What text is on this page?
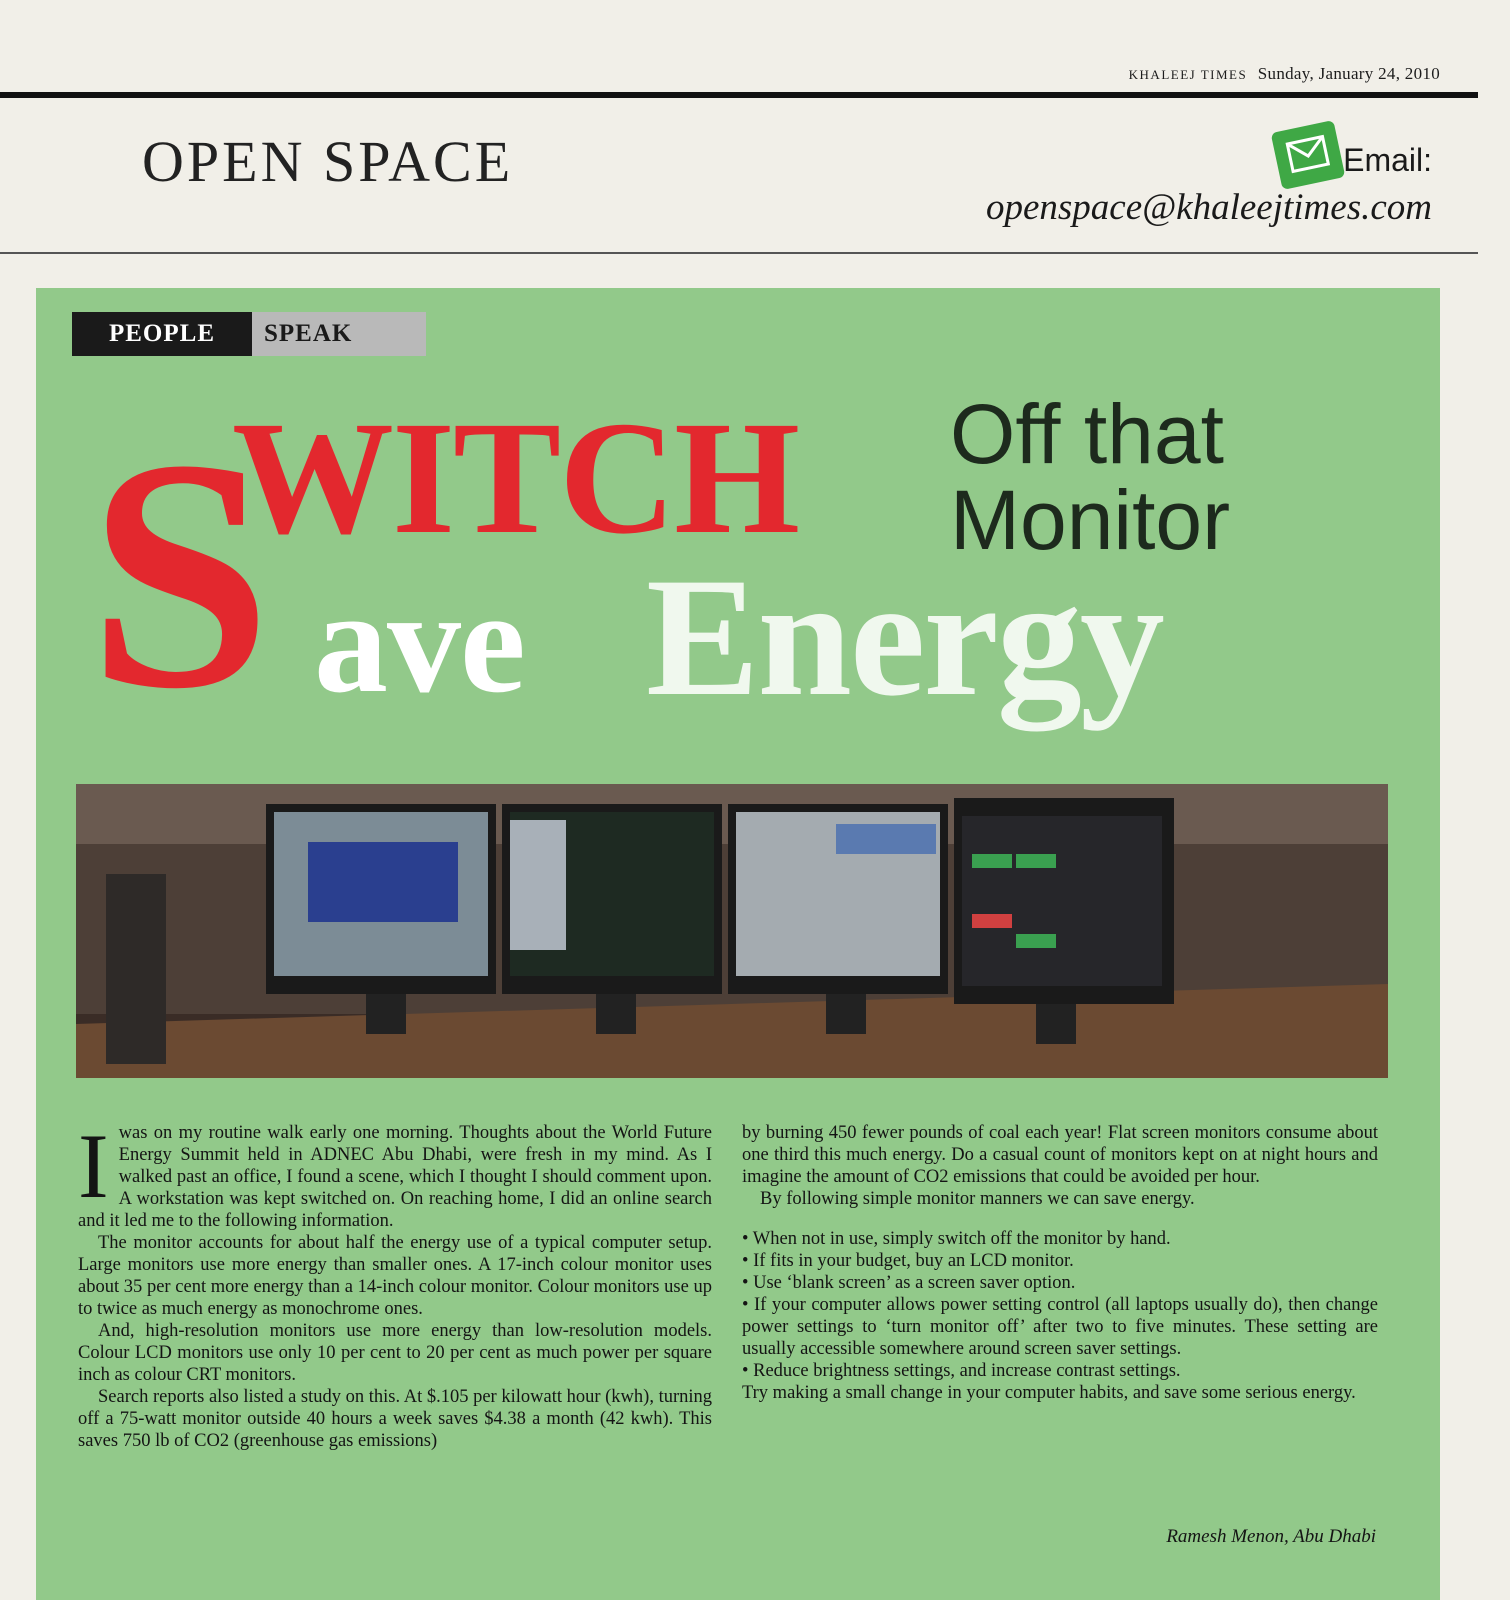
KHALEEJ TIMES Sunday, January 24, 2010
OPEN SPACE	Email:
openspace@khaleejtimes.com
PEOPLE	SPEAK
S
WITCH Off that
Monitor
ave Energy

Iwas on my routine walk early one morning. Thoughts about the World Future Energy Summit held in ADNEC Abu Dhabi, were fresh in my mind. As I walked past an office, I found a scene, which I thought I should comment upon. A workstation was kept switched on. On reaching home, I did an online search and it led me to the following information.

The monitor accounts for about half the energy use of a typical computer setup. Large monitors use more energy than smaller ones. A 17-inch colour monitor uses about 35 per cent more energy than a 14-inch colour monitor. Colour monitors use up to twice as much energy as monochrome ones.

And, high-resolution monitors use more energy than low-resolution models. Colour LCD monitors use only 10 per cent to 20 per cent as much power per square inch as colour CRT monitors.

Search reports also listed a study on this. At $.105 per kilowatt hour (kwh), turning off a 75-watt monitor outside 40 hours a week saves $4.38 a month (42 kwh). This saves 750 lb of CO2 (greenhouse gas emissions)

by burning 450 fewer pounds of coal each year! Flat screen monitors consume about one third this much energy. Do a casual count of monitors kept on at night hours and imagine the amount of CO2 emissions that could be avoided per hour.

By following simple monitor manners we can save energy.

• When not in use, simply switch off the monitor by hand.
• If fits in your budget, buy an LCD monitor.
• Use ‘blank screen’ as a screen saver option.
• If your computer allows power setting control (all laptops usually do), then change power settings to ‘turn monitor off’ after two to five minutes. These setting are usually accessible somewhere around screen saver settings.
• Reduce brightness settings, and increase contrast settings.

Try making a small change in your computer habits, and save some serious energy.

Ramesh Menon, Abu Dhabi
